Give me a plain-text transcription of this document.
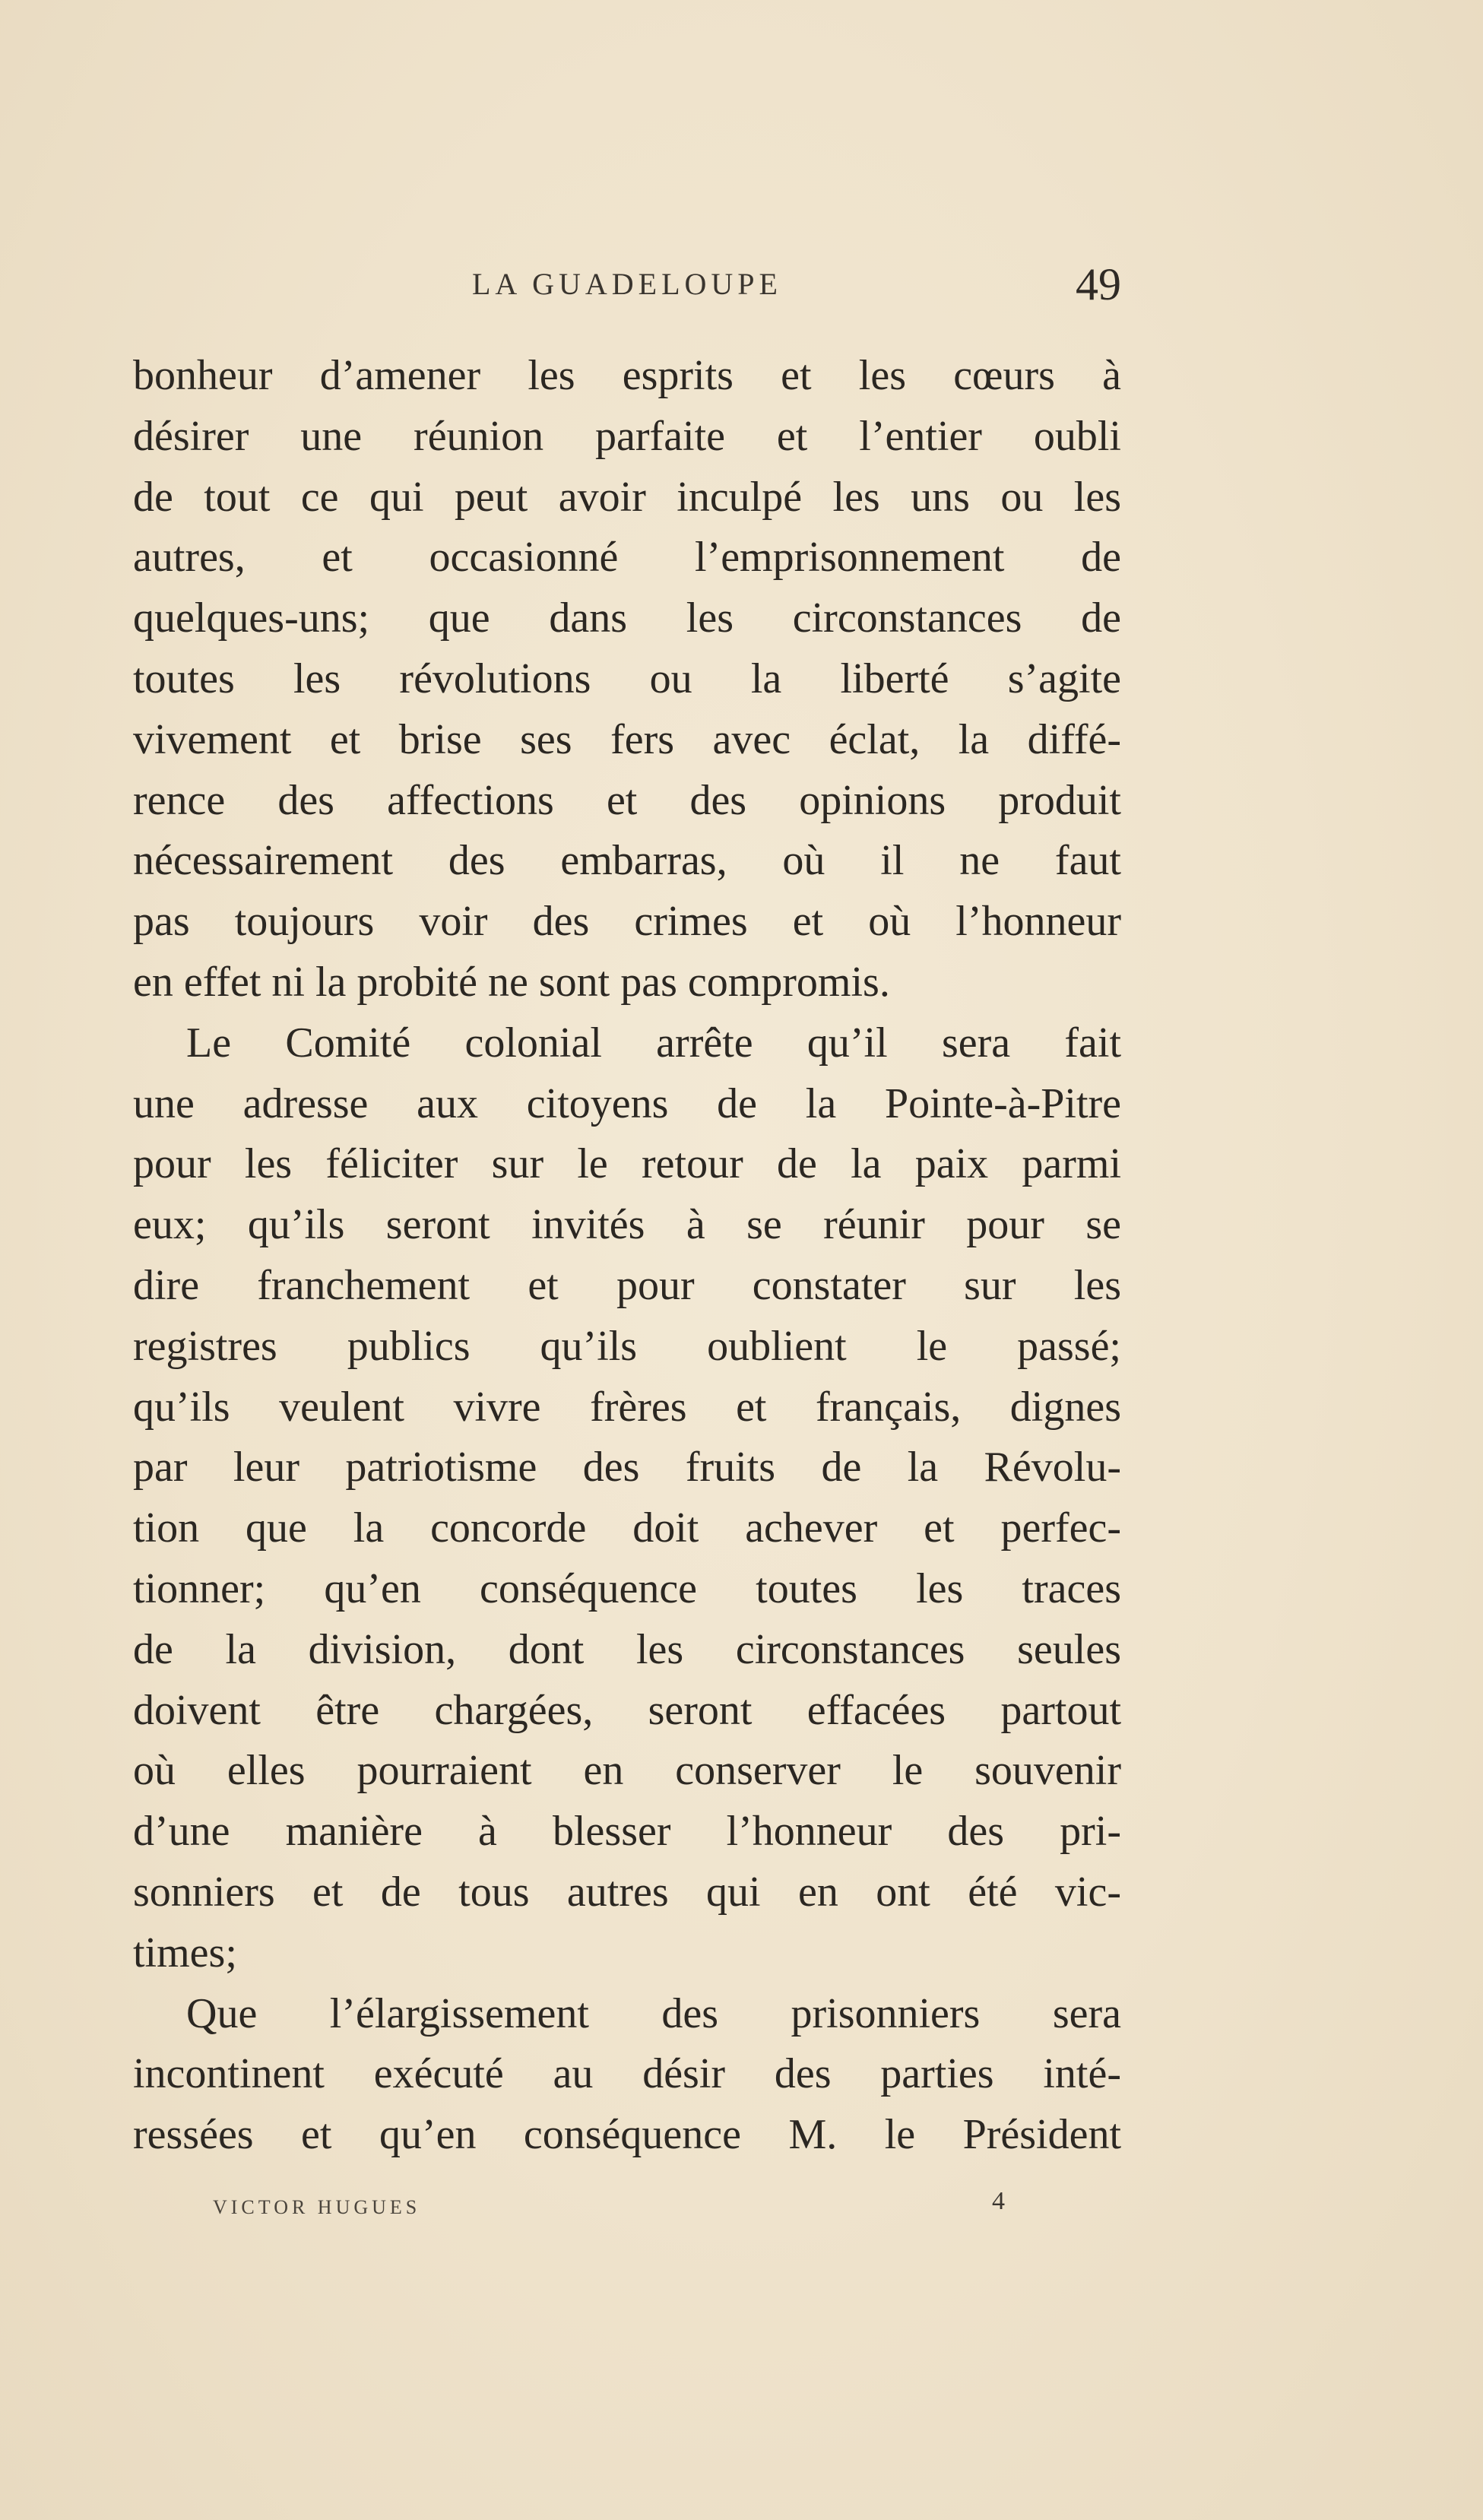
LA GUADELOUPE	49
bonheur d’amener les esprits et les cœurs à
désirer une réunion parfaite et l’entier oubli
de tout ce qui peut avoir inculpé les uns ou les
autres, et occasionné l’emprisonnement de
quelques-uns; que dans les circonstances de
toutes les révolutions ou la liberté s’agite
vivement et brise ses fers avec éclat, la diffé-
rence des affections et des opinions produit
nécessairement des embarras, où il ne faut
pas toujours voir des crimes et où l’honneur
en effet ni la probité ne sont pas compromis.
Le Comité colonial arrête qu’il sera fait
une adresse aux citoyens de la Pointe-à-Pitre
pour les féliciter sur le retour de la paix parmi
eux; qu’ils seront invités à se réunir pour se
dire franchement et pour constater sur les
registres publics qu’ils oublient le passé;
qu’ils veulent vivre frères et français, dignes
par leur patriotisme des fruits de la Révolu-
tion que la concorde doit achever et perfec-
tionner; qu’en conséquence toutes les traces
de la division, dont les circonstances seules
doivent être chargées, seront effacées partout
où elles pourraient en conserver le souvenir
d’une manière à blesser l’honneur des pri-
sonniers et de tous autres qui en ont été vic-
times;
Que l’élargissement des prisonniers sera
incontinent exécuté au désir des parties inté-
ressées et qu’en conséquence M. le Président
VICTOR HUGUES	4
